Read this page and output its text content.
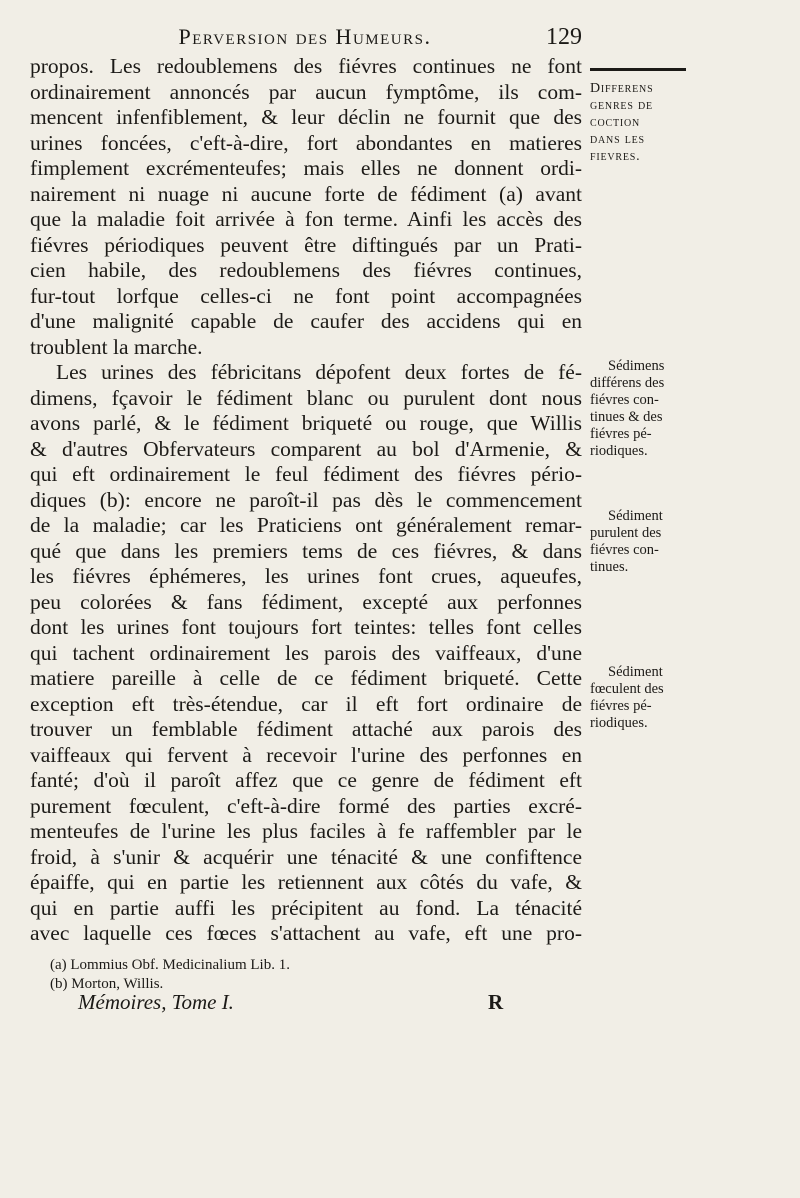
Perversion des Humeurs.	129
propos. Les redoublemens des fiévres continues ne font
ordinairement annoncés par aucun fymptôme, ils com-
mencent infenfiblement, & leur déclin ne fournit que des
urines foncées, c'eft-à-dire, fort abondantes en matieres
fimplement excrémenteufes; mais elles ne donnent ordi-
nairement ni nuage ni aucune forte de fédiment (a) avant
que la maladie foit arrivée à fon terme. Ainfi les accès des
fiévres périodiques peuvent être diftingués par un Prati-
cien habile, des redoublemens des fiévres continues,
fur-tout lorfque celles-ci ne font point accompagnées
d'une malignité capable de caufer des accidens qui en
troublent la marche.
Les urines des fébricitans dépofent deux fortes de fé-
dimens, fçavoir le fédiment blanc ou purulent dont nous
avons parlé, & le fédiment briqueté ou rouge, que Willis
& d'autres Obfervateurs comparent au bol d'Armenie, &
qui eft ordinairement le feul fédiment des fiévres pério-
diques (b): encore ne paroît-il pas dès le commencement
de la maladie; car les Praticiens ont généralement remar-
qué que dans les premiers tems de ces fiévres, & dans
les fiévres éphémeres, les urines font crues, aqueufes,
peu colorées & fans fédiment, excepté aux perfonnes
dont les urines font toujours fort teintes: telles font celles
qui tachent ordinairement les parois des vaiffeaux, d'une
matiere pareille à celle de ce fédiment briqueté. Cette
exception eft très-étendue, car il eft fort ordinaire de
trouver un femblable fédiment attaché aux parois des
vaiffeaux qui fervent à recevoir l'urine des perfonnes en
fanté; d'où il paroît affez que ce genre de fédiment eft
purement fœculent, c'eft-à-dire formé des parties excré-
menteufes de l'urine les plus faciles à fe raffembler par le
froid, à s'unir & acquérir une ténacité & une confiftence
épaiffe, qui en partie les retiennent aux côtés du vafe, &
qui en partie auffi les précipitent au fond. La ténacité
avec laquelle ces fœces s'attachent au vafe, eft une pro-
Differens
genres de
coction
dans les
fievres.
Sédimens
différens des
fiévres con-
tinues & des
fiévres pé-
riodiques.
Sédiment
purulent des
fiévres con-
tinues.
Sédiment
fœculent des
fiévres pé-
riodiques.
(a) Lommius Obf. Medicinalium Lib. 1.
(b) Morton, Willis.
Mémoires, Tome I.	R
